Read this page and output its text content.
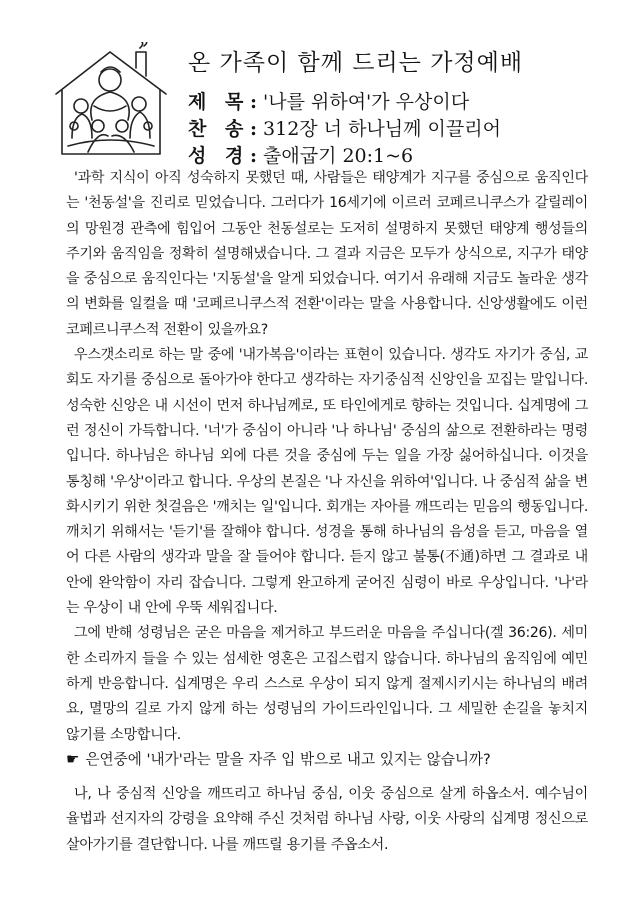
온 가족이 함께 드리는 가정예배
제 목: '나를 위하여'가 우상이다
찬 송: 312장 너 하나님께 이끌리어
성 경: 출애굽기 20:1~6

'과학 지식이 아직 성숙하지 못했던 때, 사람들은 태양계가 지구를 중심으로 움직인다는 '천동설'을 진리로 믿었습니다. 그러다가 16세기에 이르러 코페르니쿠스가 갈릴레이의 망원경 관측에 힘입어 그동안 천동설로는 도저히 설명하지 못했던 태양계 행성들의 주기와 움직임을 정확히 설명해냈습니다. 그 결과 지금은 모두가 상식으로, 지구가 태양을 중심으로 움직인다는 '지동설'을 알게 되었습니다. 여기서 유래해 지금도 놀라운 생각의 변화를 일컬을 때 '코페르니쿠스적 전환'이라는 말을 사용합니다. 신앙생활에도 이런 코페르니쿠스적 전환이 있을까요?

우스갯소리로 하는 말 중에 '내가복음'이라는 표현이 있습니다. 생각도 자기가 중심, 교회도 자기를 중심으로 돌아가야 한다고 생각하는 자기중심적 신앙인을 꼬집는 말입니다. 성숙한 신앙은 내 시선이 먼저 하나님께로, 또 타인에게로 향하는 것입니다. 십계명에 그런 정신이 가득합니다. '너'가 중심이 아니라 '나 하나님' 중심의 삶으로 전환하라는 명령입니다. 하나님은 하나님 외에 다른 것을 중심에 두는 일을 가장 싫어하십니다. 이것을 통칭해 '우상'이라고 합니다. 우상의 본질은 '나 자신을 위하여'입니다. 나 중심적 삶을 변화시키기 위한 첫걸음은 '깨치는 일'입니다. 회개는 자아를 깨뜨리는 믿음의 행동입니다. 깨치기 위해서는 '듣기'를 잘해야 합니다. 성경을 통해 하나님의 음성을 듣고, 마음을 열어 다른 사람의 생각과 말을 잘 들어야 합니다. 듣지 않고 불통(不通)하면 그 결과로 내 안에 완악함이 자리 잡습니다. 그렇게 완고하게 굳어진 심령이 바로 우상입니다. '나'라는 우상이 내 안에 우뚝 세워집니다.

그에 반해 성령님은 굳은 마음을 제거하고 부드러운 마음을 주십니다(겔 36:26). 세미한 소리까지 들을 수 있는 섬세한 영혼은 고집스럽지 않습니다. 하나님의 움직임에 예민하게 반응합니다. 십계명은 우리 스스로 우상이 되지 않게 절제시키시는 하나님의 배려요, 멸망의 길로 가지 않게 하는 성령님의 가이드라인입니다. 그 세밀한 손길을 놓치지 않기를 소망합니다.

☛ 은연중에 '내가'라는 말을 자주 입 밖으로 내고 있지는 않습니까?

나, 나 중심적 신앙을 깨뜨리고 하나님 중심, 이웃 중심으로 살게 하옵소서. 예수님이 율법과 선지자의 강령을 요약해 주신 것처럼 하나님 사랑, 이웃 사랑의 십계명 정신으로 살아가기를 결단합니다. 나를 깨뜨릴 용기를 주옵소서.
